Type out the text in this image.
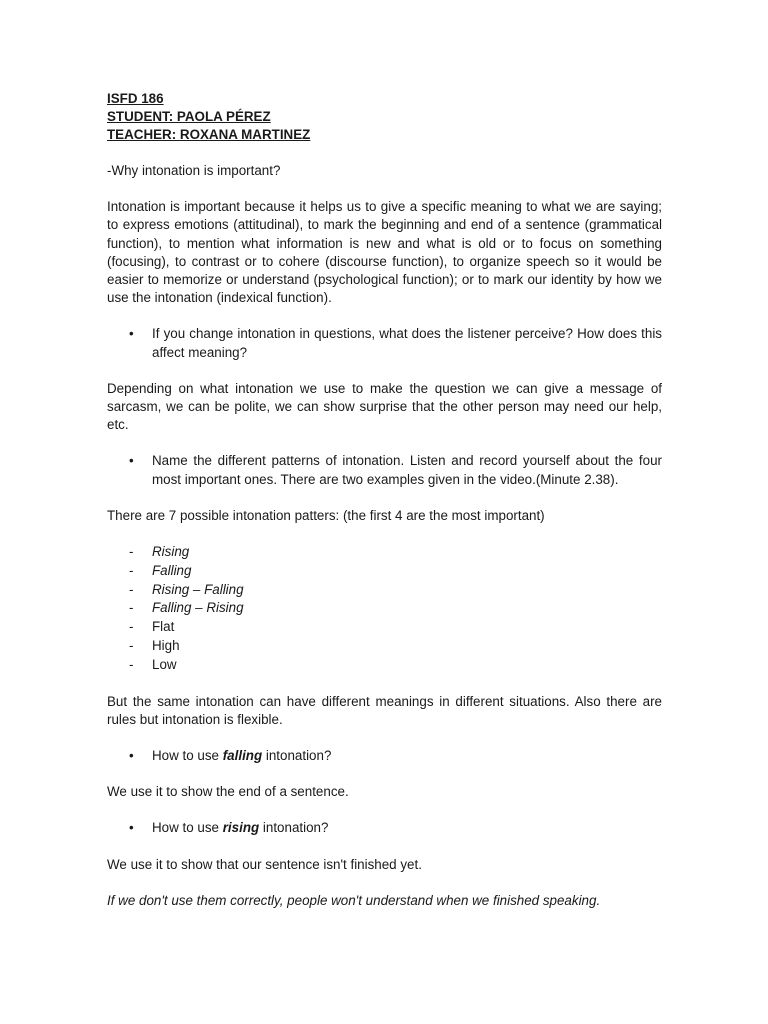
ISFD 186

STUDENT: PAOLA PÉREZ

TEACHER: ROXANA MARTINEZ

-Why intonation is important?

Intonation is important because it helps us to give a specific meaning to what we are saying; to express emotions (attitudinal), to mark the beginning and end of a sentence (grammatical function), to mention what information is new and what is old or to focus on something (focusing), to contrast or to cohere (discourse function), to organize speech so it would be easier to memorize or understand (psychological function); or to mark our identity by how we use the intonation (indexical function).

•	If you change intonation in questions, what does the listener perceive? How does this affect meaning?

Depending on what intonation we use to make the question we can give a message of sarcasm, we can be polite, we can show surprise that the other person may need our help, etc.

•	Name the different patterns of intonation. Listen and record yourself about the four most important ones. There are two examples given in the video.(Minute 2.38).

There are 7 possible intonation patters: (the first 4 are the most important)

-	Rising
-	Falling
-	Rising – Falling
-	Falling – Rising
-	Flat
-	High
-	Low

But the same intonation can have different meanings in different situations. Also there are rules but intonation is flexible.

•	How to use falling intonation?

We use it to show the end of a sentence.

•	How to use rising intonation?

We use it to show that our sentence isn't finished yet.

If we don't use them correctly, people won't understand when we finished speaking.
